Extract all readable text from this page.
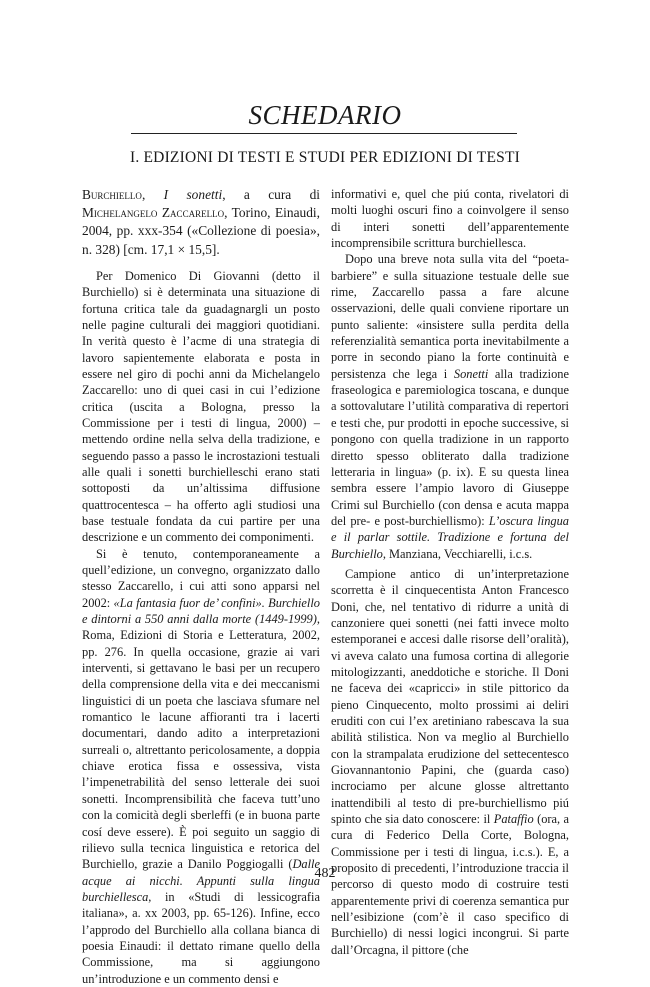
SCHEDARIO
I. EDIZIONI DI TESTI E STUDI PER EDIZIONI DI TESTI

Burchiello, I sonetti, a cura di Michelangelo Zaccarello, Torino, Einaudi, 2004, pp. xxx-354 («Collezione di poesia», n. 328) [cm. 17,1 × 15,5].

Per Domenico Di Giovanni (detto il Burchiello) si è determinata una situazione di fortuna critica tale da guadagnargli un posto nelle pagine culturali dei maggiori quotidiani. In verità questo è l’acme di una strategia di lavoro sapientemente elaborata e posta in essere nel giro di pochi anni da Michelangelo Zaccarello: uno di quei casi in cui l’edizione critica (uscita a Bologna, presso la Commissione per i testi di lingua, 2000) – mettendo ordine nella selva della tradizione, e seguendo passo a passo le incrostazioni testuali alle quali i sonetti burchielleschi erano stati sottoposti da un’altissima diffusione quattrocentesca – ha offerto agli studiosi una base testuale fondata da cui partire per una descrizione e un commento dei componimenti.

Si è tenuto, contemporaneamente a quell’edizione, un convegno, organizzato dallo stesso Zaccarello, i cui atti sono apparsi nel 2002: «La fantasia fuor de’ confini». Burchiello e dintorni a 550 anni dalla morte (1449-1999), Roma, Edizioni di Storia e Letteratura, 2002, pp. 276. In quella occasione, grazie ai vari interventi, si gettavano le basi per un recupero della comprensione della vita e dei meccanismi linguistici di un poeta che lasciava sfumare nel romantico le lacune affioranti tra i lacerti documentari, dando adito a interpretazioni surreali o, altrettanto pericolosamente, a doppia chiave erotica fissa e ossessiva, vista l’impenetrabilità del senso letterale dei suoi sonetti. Incomprensibilità che faceva tutt’uno con la comicità degli sberleffi (e in buona parte cosí deve essere). È poi seguito un saggio di rilievo sulla tecnica linguistica e retorica del Burchiello, grazie a Danilo Poggiogalli (Dalle acque ai nicchi. Appunti sulla lingua burchiellesca, in «Studi di lessicografia italiana», a. xx 2003, pp. 65-126). Infine, ecco l’approdo del Burchiello alla collana bianca di poesia Einaudi: il dettato rimane quello della Commissione, ma si aggiungono un’introduzione e un commento densi e

informativi e, quel che piú conta, rivelatori di molti luoghi oscuri fino a coinvolgere il senso di interi sonetti dell’apparentemente incomprensibile scrittura burchiellesca.

Dopo una breve nota sulla vita del “poeta-barbiere” e sulla situazione testuale delle sue rime, Zaccarello passa a fare alcune osservazioni, delle quali conviene riportare un punto saliente: «insistere sulla perdita della referenzialità semantica porta inevitabilmente a porre in secondo piano la forte continuità e persistenza che lega i Sonetti alla tradizione fraseologica e paremiologica toscana, e dunque a sottovalutare l’utilità comparativa di repertori e testi che, pur prodotti in epoche successive, si pongono con quella tradizione in un rapporto diretto spesso obliterato dalla tradizione letteraria in lingua» (p. ix). E su questa linea sembra essere l’ampio lavoro di Giuseppe Crimi sul Burchiello (con densa e acuta mappa del pre- e post-burchiellismo): L’oscura lingua e il parlar sottile. Tradizione e fortuna del Burchiello, Manziana, Vecchiarelli, i.c.s.

Campione antico di un’interpretazione scorretta è il cinquecentista Anton Francesco Doni, che, nel tentativo di ridurre a unità di canzoniere quei sonetti (nei fatti invece molto estemporanei e accesi dalle risorse dell’oralità), vi aveva calato una fumosa cortina di allegorie mitologizzanti, aneddotiche e storiche. Il Doni ne faceva dei «capricci» in stile pittorico da pieno Cinquecento, molto prossimi ai deliri eruditi con cui l’ex aretiniano rabescava la sua abilità stilistica. Non va meglio al Burchiello con la strampalata erudizione del settecentesco Giovannantonio Papini, che (guarda caso) incrociamo per alcune glosse altrettanto inattendibili al testo di pre-burchiellismo piú spinto che sia dato conoscere: il Pataffio (ora, a cura di Federico Della Corte, Bologna, Commissione per i testi di lingua, i.c.s.). E, a proposito di precedenti, l’introduzione traccia il percorso di questo modo di costruire testi apparentemente privi di coerenza semantica pur nell’esibizione (com’è il caso specifico di Burchiello) di nessi logici incongrui. Si parte dall’Orcagna, il pittore (che

482
